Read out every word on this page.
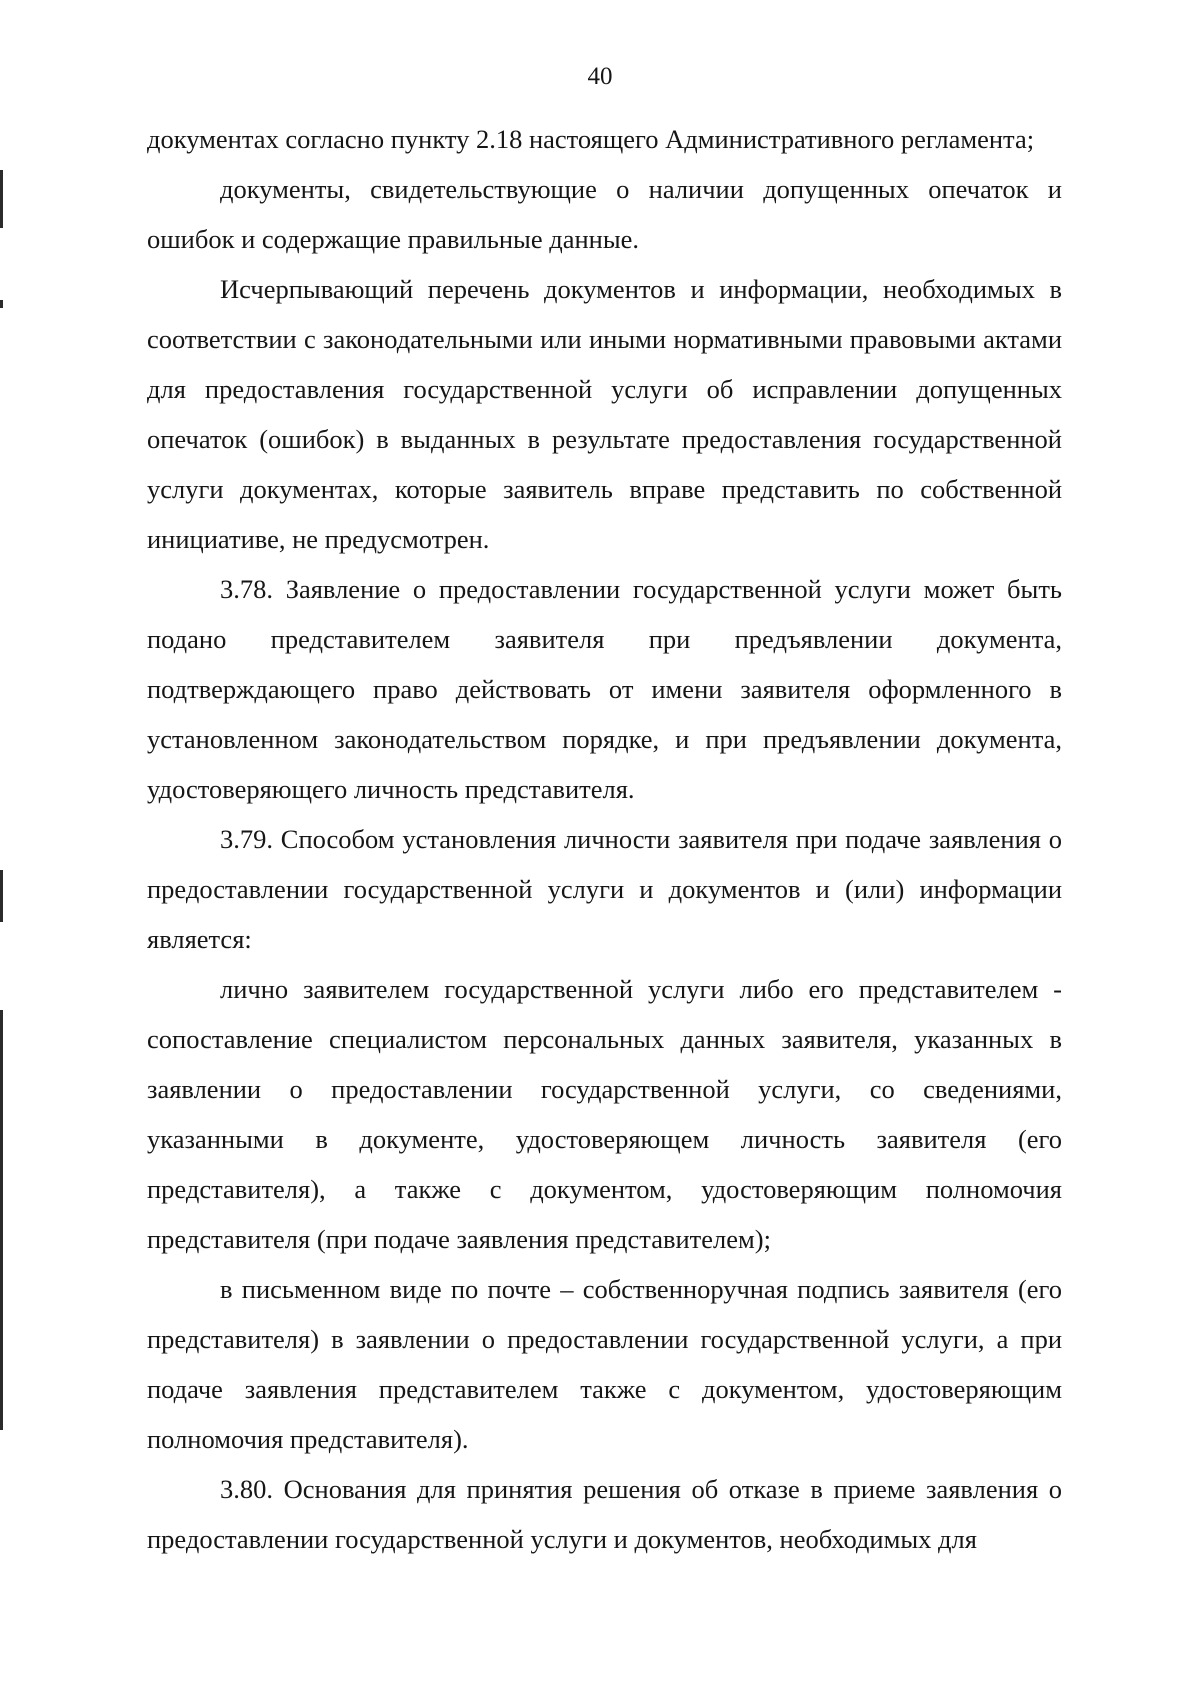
40

документах согласно пункту 2.18 настоящего Административного регламента;

документы, свидетельствующие о наличии допущенных опечаток и ошибок и содержащие правильные данные.

Исчерпывающий перечень документов и информации, необходимых в соответствии с законодательными или иными нормативными правовыми актами для предоставления государственной услуги об исправлении допущенных опечаток (ошибок) в выданных в результате предоставления государственной услуги документах, которые заявитель вправе представить по собственной инициативе, не предусмотрен.

3.78. Заявление о предоставлении государственной услуги может быть подано представителем заявителя при предъявлении документа, подтверждающего право действовать от имени заявителя оформленного в установленном законодательством порядке, и при предъявлении документа, удостоверяющего личность представителя.

3.79. Способом установления личности заявителя при подаче заявления о предоставлении государственной услуги и документов и (или) информации является:

лично заявителем государственной услуги либо его представителем - сопоставление специалистом персональных данных заявителя, указанных в заявлении о предоставлении государственной услуги, со сведениями, указанными в документе, удостоверяющем личность заявителя (его представителя), а также с документом, удостоверяющим полномочия представителя (при подаче заявления представителем);

в письменном виде по почте – собственноручная подпись заявителя (его представителя) в заявлении о предоставлении государственной услуги, а при подаче заявления представителем также с документом, удостоверяющим полномочия представителя).

3.80. Основания для принятия решения об отказе в приеме заявления о предоставлении государственной услуги и документов, необходимых для
